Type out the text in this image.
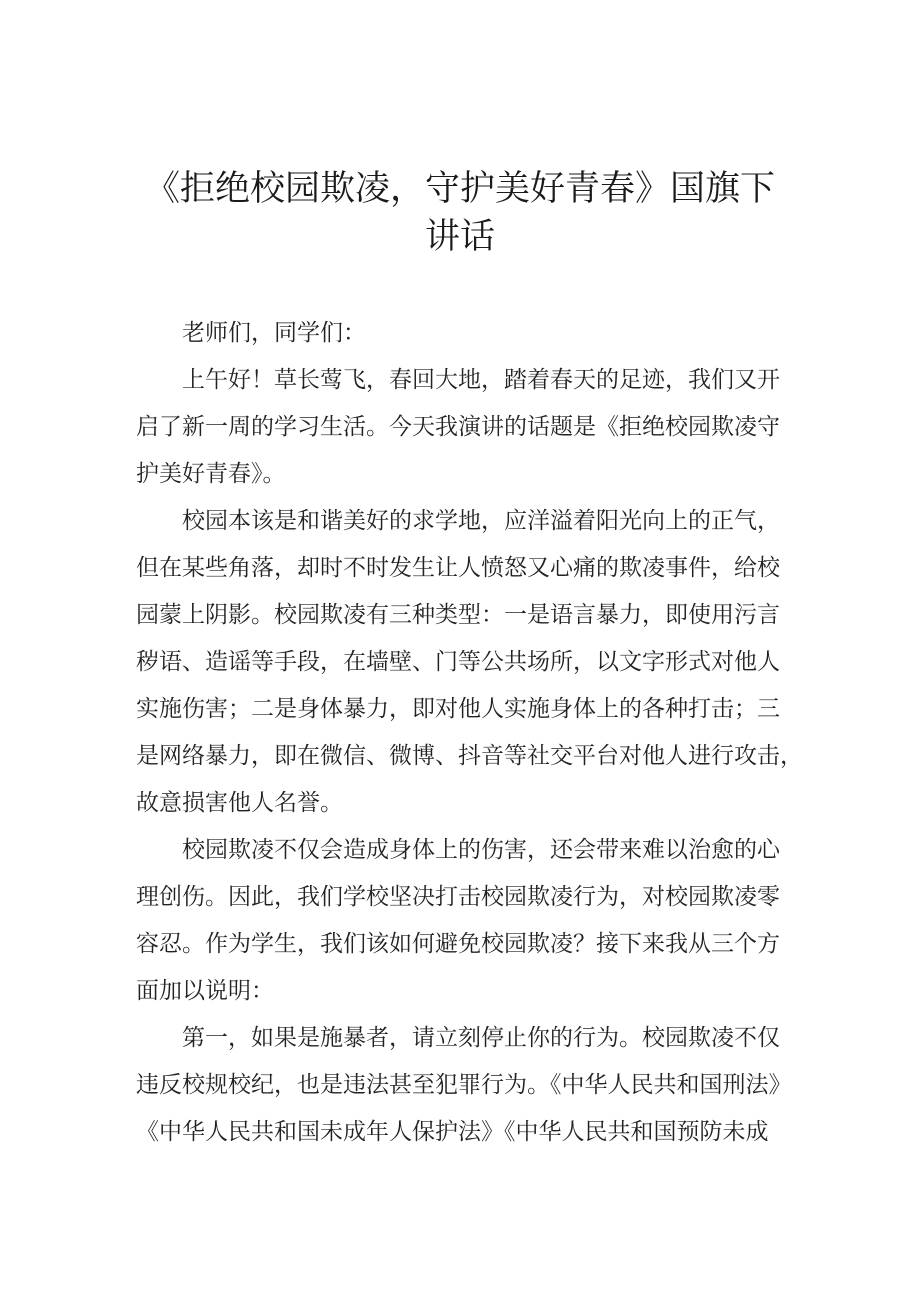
《拒绝校园欺凌，守护美好青春》国旗下
讲话

老师们，同学们：

上午好！草长莺飞，春回大地，踏着春天的足迹，我们又开
启了新一周的学习生活。今天我演讲的话题是《拒绝校园欺凌守
护美好青春》。

校园本该是和谐美好的求学地，应洋溢着阳光向上的正气，
但在某些角落，却时不时发生让人愤怒又心痛的欺凌事件，给校
园蒙上阴影。校园欺凌有三种类型：一是语言暴力，即使用污言
秽语、造谣等手段，在墙壁、门等公共场所，以文字形式对他人
实施伤害；二是身体暴力，即对他人实施身体上的各种打击；三
是网络暴力，即在微信、微博、抖音等社交平台对他人进行攻击，
故意损害他人名誉。

校园欺凌不仅会造成身体上的伤害，还会带来难以治愈的心
理创伤。因此，我们学校坚决打击校园欺凌行为，对校园欺凌零
容忍。作为学生，我们该如何避免校园欺凌？接下来我从三个方
面加以说明：

第一，如果是施暴者，请立刻停止你的行为。校园欺凌不仅
违反校规校纪，也是违法甚至犯罪行为。《中华人民共和国刑法》
《中华人民共和国未成年人保护法》《中华人民共和国预防未成
